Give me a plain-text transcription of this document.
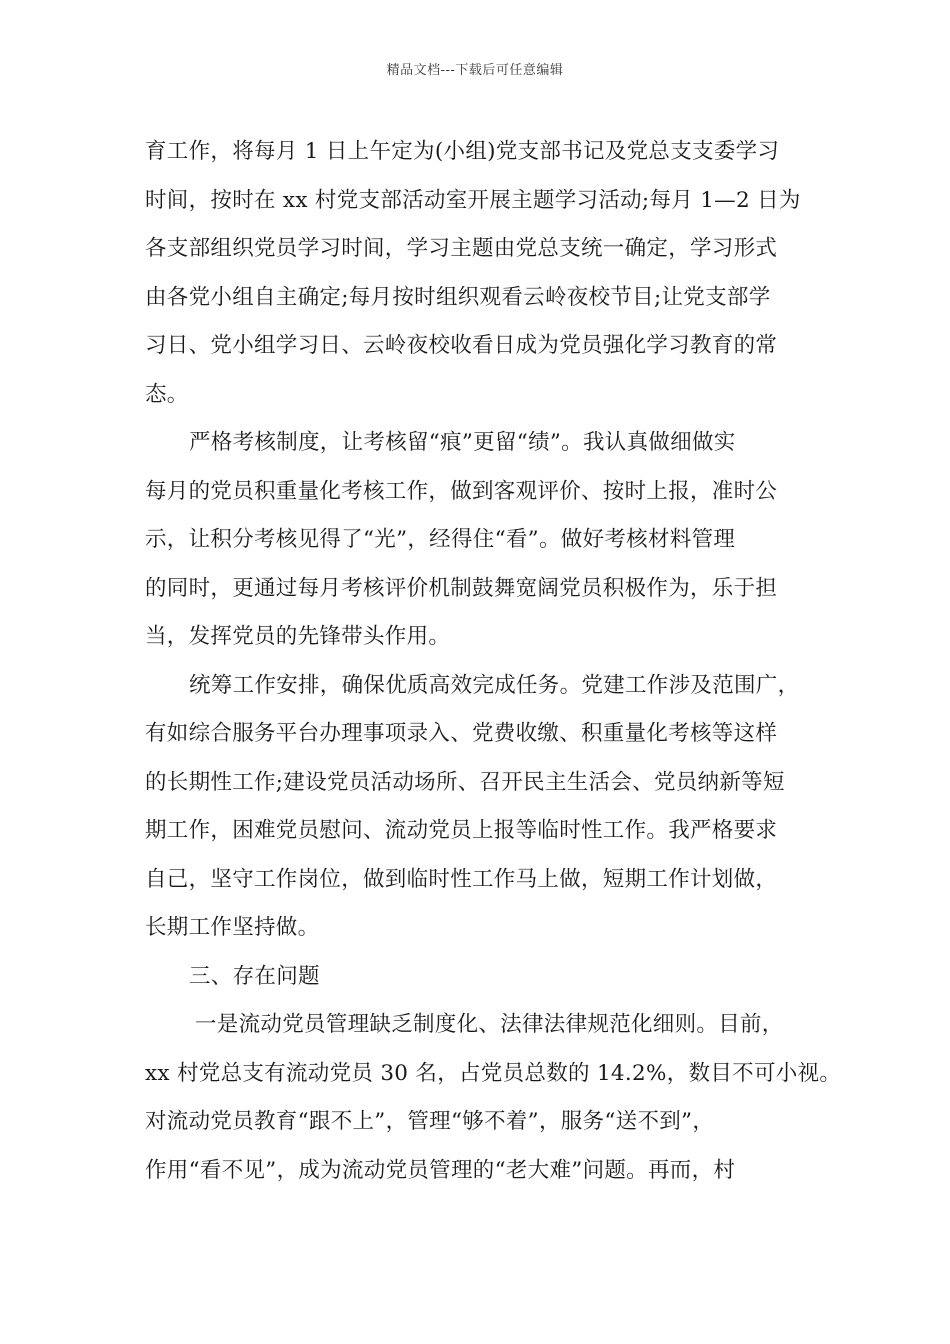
精品文档---下载后可任意编辑
育工作，将每月 1 日上午定为(小组)党支部书记及党总支支委学习
时间，按时在 xx 村党支部活动室开展主题学习活动;每月 1—2 日为
各支部组织党员学习时间，学习主题由党总支统一确定，学习形式
由各党小组自主确定;每月按时组织观看云岭夜校节目;让党支部学
习日、党小组学习日、云岭夜校收看日成为党员强化学习教育的常
态。
严格考核制度，让考核留“痕”更留“绩”。我认真做细做实
每月的党员积重量化考核工作，做到客观评价、按时上报，准时公
示，让积分考核见得了“光”，经得住“看”。做好考核材料管理
的同时，更通过每月考核评价机制鼓舞宽阔党员积极作为，乐于担
当，发挥党员的先锋带头作用。
统筹工作安排，确保优质高效完成任务。党建工作涉及范围广，
有如综合服务平台办理事项录入、党费收缴、积重量化考核等这样
的长期性工作;建设党员活动场所、召开民主生活会、党员纳新等短
期工作，困难党员慰问、流动党员上报等临时性工作。我严格要求
自己，坚守工作岗位，做到临时性工作马上做，短期工作计划做，
长期工作坚持做。
三、存在问题
一是流动党员管理缺乏制度化、法律法律规范化细则。目前，
xx 村党总支有流动党员 30 名，占党员总数的 14.2%，数目不可小视。
对流动党员教育“跟不上”，管理“够不着”，服务“送不到”，
作用“看不见”，成为流动党员管理的“老大难”问题。再而，村
